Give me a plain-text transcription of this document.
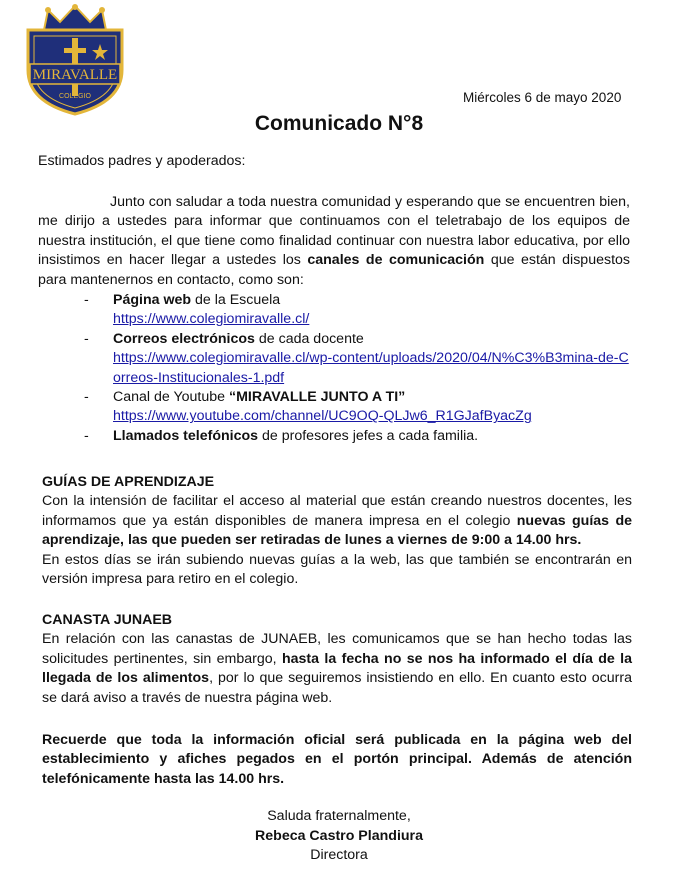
MIRAVALLE
COLEGIO	Miércoles 6 de mayo 2020
Comunicado N°8
Estimados padres y apoderados:
Junto con saludar a toda nuestra comunidad y esperando que se encuentren bien, me dirijo a ustedes para informar que continuamos con el teletrabajo de los equipos de nuestra institución, el que tiene como finalidad continuar con nuestra labor educativa, por ello insistimos en hacer llegar a ustedes los canales de comunicación que están dispuestos para mantenernos en contacto, como son:
- Página web de la Escuela
https://www.colegiomiravalle.cl/
- Correos electrónicos de cada docente
https://www.colegiomiravalle.cl/wp-content/uploads/2020/04/N%C3%B3mina-de-Correos-Institucionales-1.pdf
- Canal de Youtube “MIRAVALLE JUNTO A TI”
https://www.youtube.com/channel/UC9OQ-QLJw6_R1GJafByacZg
- Llamados telefónicos de profesores jefes a cada familia.
GUÍAS DE APRENDIZAJE

Con la intensión de facilitar el acceso al material que están creando nuestros docentes, les informamos que ya están disponibles de manera impresa en el colegio nuevas guías de aprendizaje, las que pueden ser retiradas de lunes a viernes de 9:00 a 14.00 hrs.

En estos días se irán subiendo nuevas guías a la web, las que también se encontrarán en versión impresa para retiro en el colegio.

CANASTA JUNAEB

En relación con las canastas de JUNAEB, les comunicamos que se han hecho todas las solicitudes pertinentes, sin embargo, hasta la fecha no se nos ha informado el día de la llegada de los alimentos, por lo que seguiremos insistiendo en ello. En cuanto esto ocurra se dará aviso a través de nuestra página web.

Recuerde que toda la información oficial será publicada en la página web del establecimiento y afiches pegados en el portón principal. Además de atención telefónicamente hasta las 14.00 hrs.
Saluda fraternalmente,
Rebeca Castro Plandiura
Directora
